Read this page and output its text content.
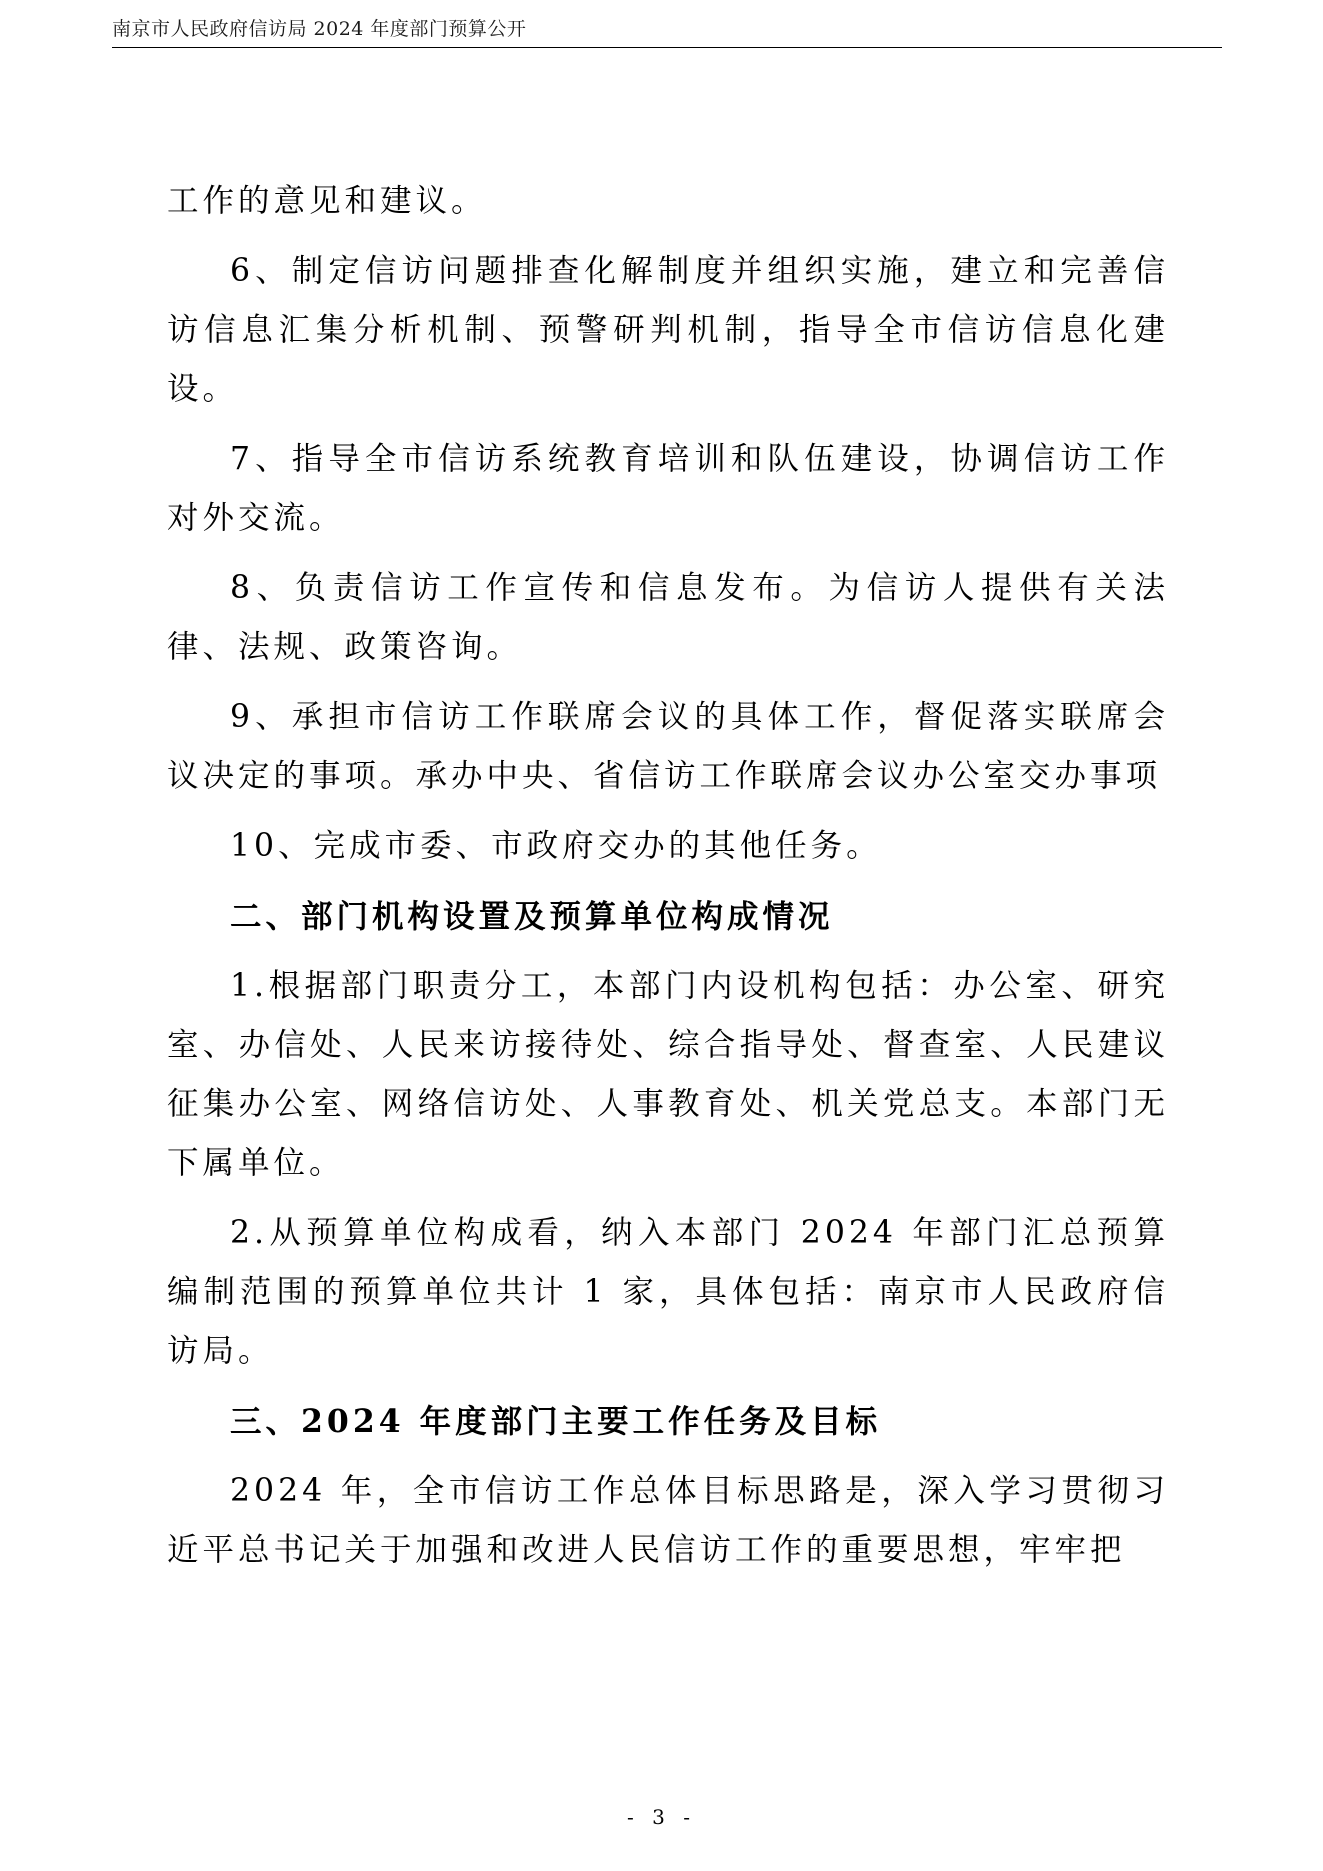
南京市人民政府信访局 2024 年度部门预算公开

工作的意见和建议。

6、制定信访问题排查化解制度并组织实施，建立和完善信访信息汇集分析机制、预警研判机制，指导全市信访信息化建设。

7、指导全市信访系统教育培训和队伍建设，协调信访工作对外交流。

8、负责信访工作宣传和信息发布。为信访人提供有关法律、法规、政策咨询。

9、承担市信访工作联席会议的具体工作，督促落实联席会议决定的事项。承办中央、省信访工作联席会议办公室交办事项

10、完成市委、市政府交办的其他任务。

二、部门机构设置及预算单位构成情况

1.根据部门职责分工，本部门内设机构包括：办公室、研究室、办信处、人民来访接待处、综合指导处、督查室、人民建议征集办公室、网络信访处、人事教育处、机关党总支。本部门无下属单位。

2.从预算单位构成看，纳入本部门 2024 年部门汇总预算编制范围的预算单位共计 1 家，具体包括：南京市人民政府信访局。

三、2024 年度部门主要工作任务及目标

2024 年，全市信访工作总体目标思路是，深入学习贯彻习近平总书记关于加强和改进人民信访工作的重要思想，牢牢把

- 3 -
